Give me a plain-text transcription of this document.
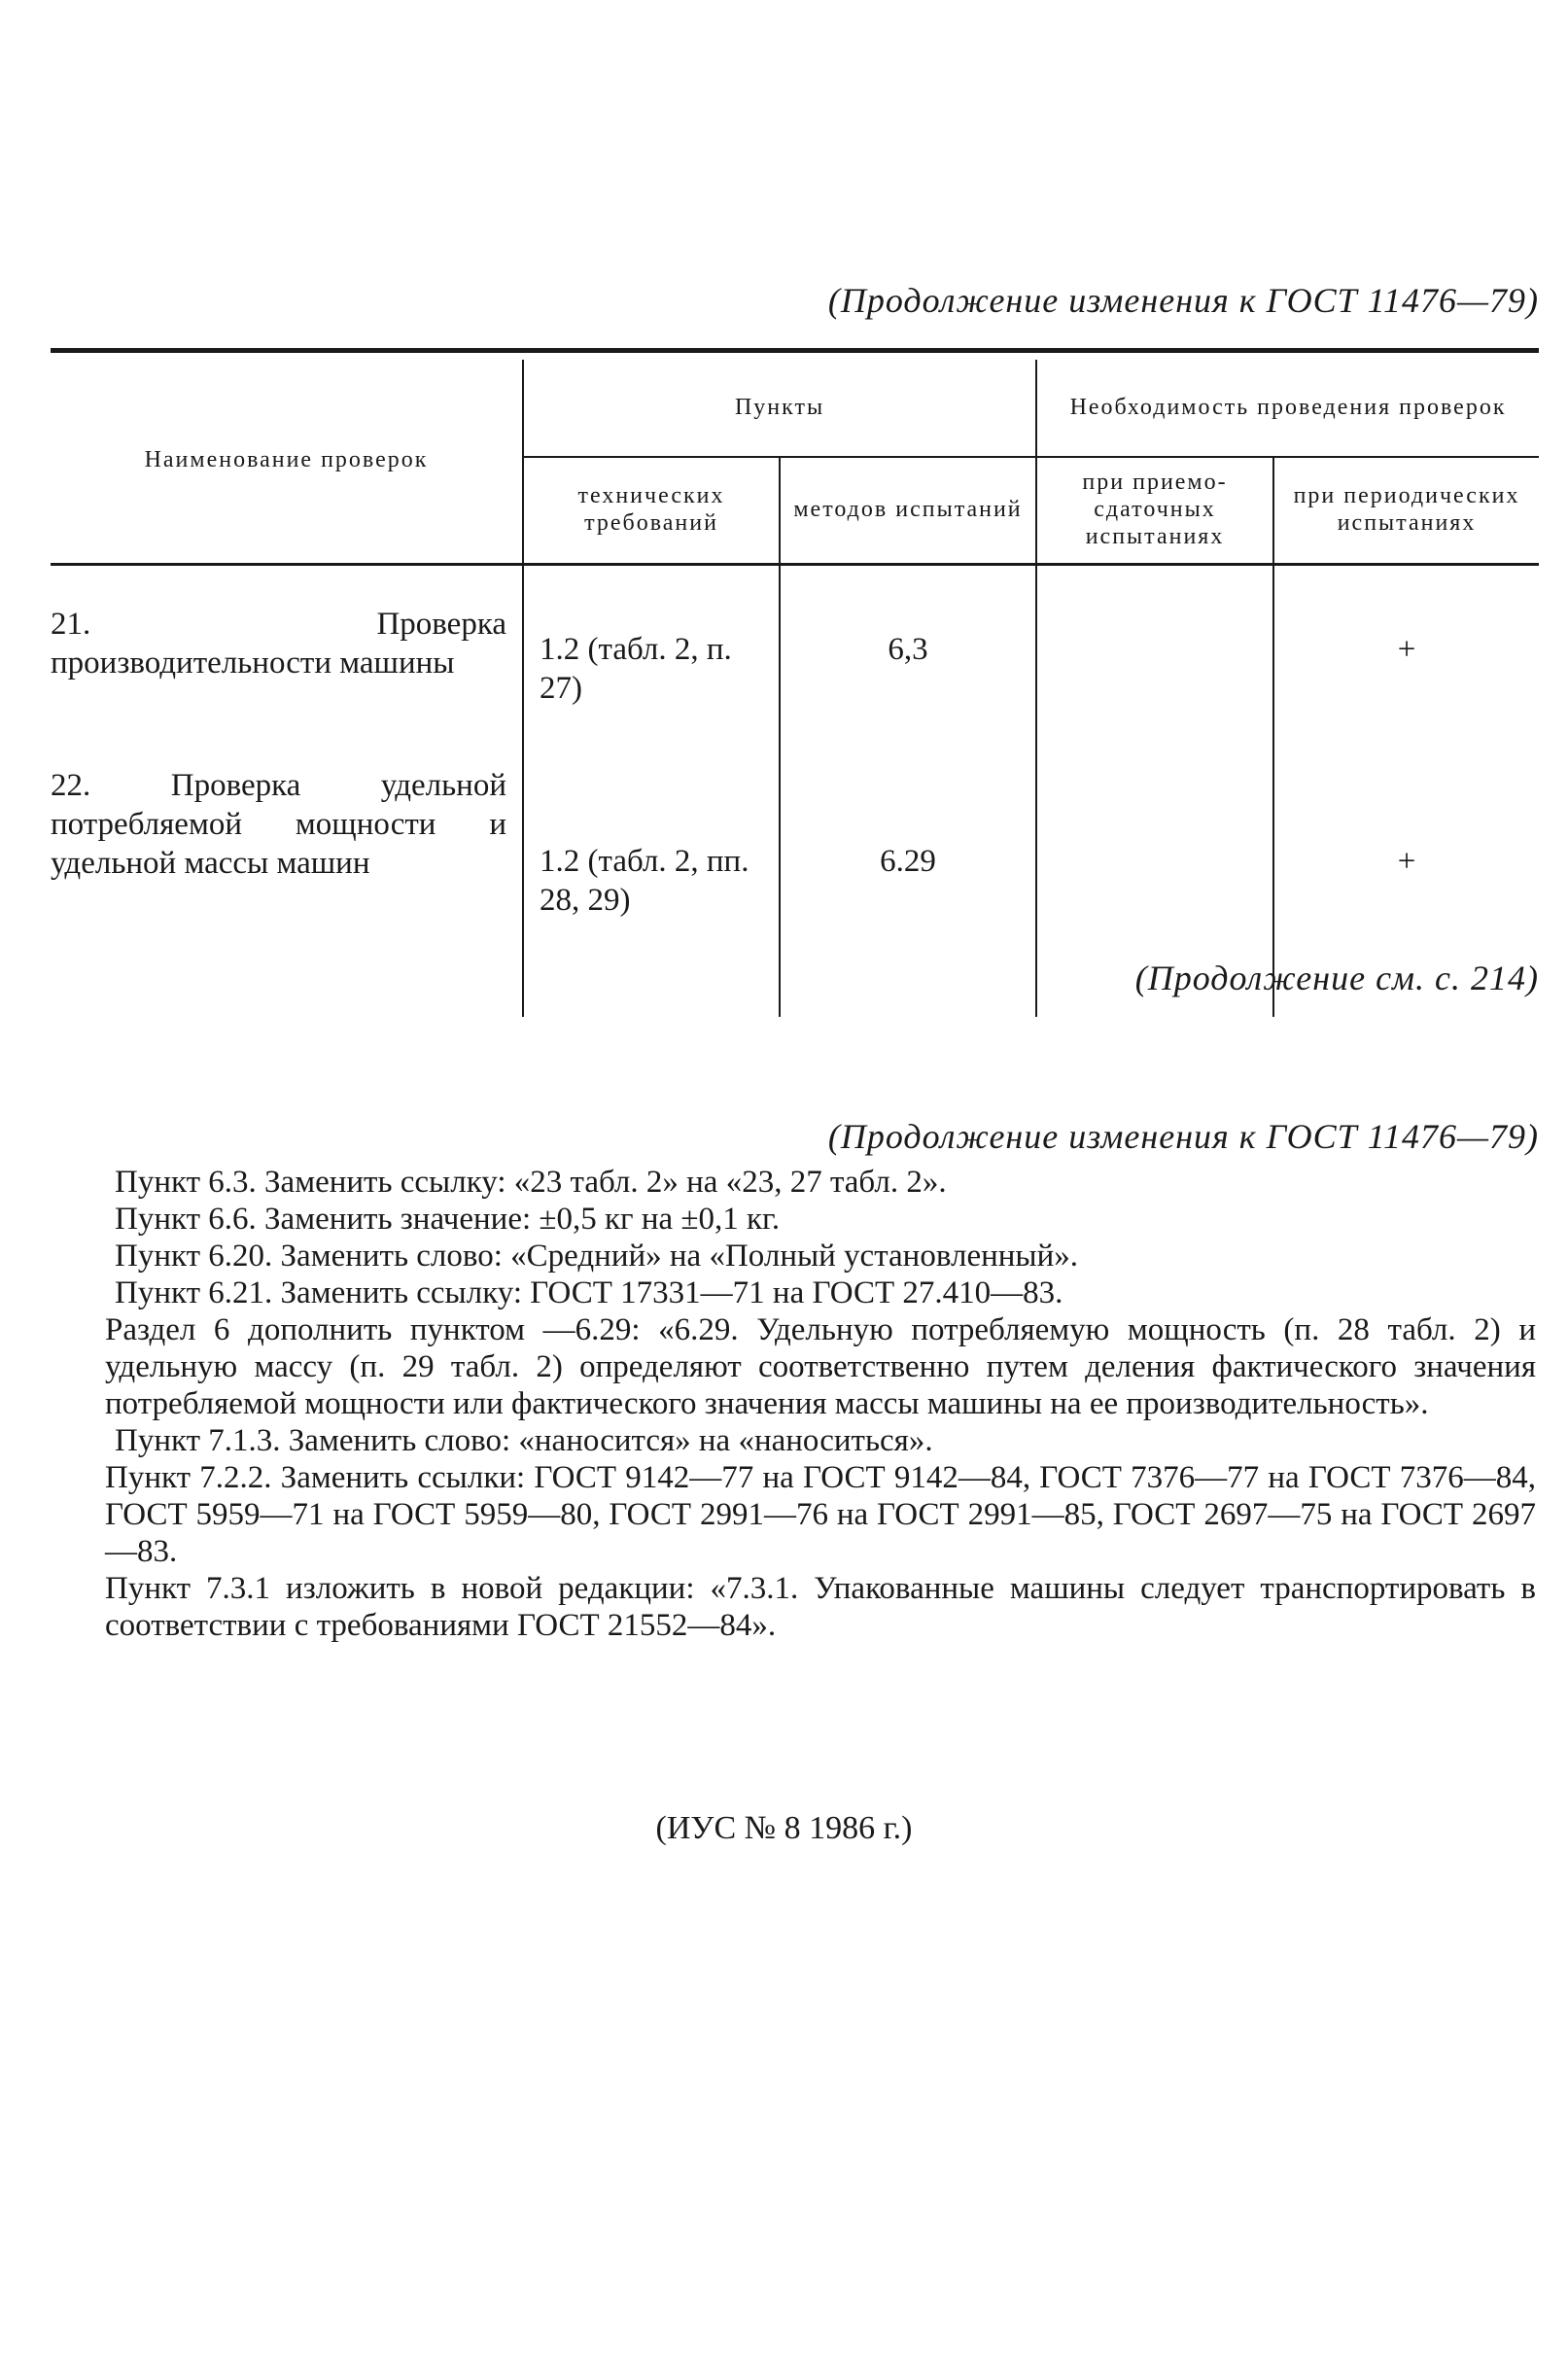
(Продолжение изменения к ГОСТ 11476—79)
Наименование проверок	Пункты		Необходимость проведения проверок	
	технических требований	методов испытаний	при приемо-сдаточных испытаниях	при периодических испытаниях
21. Проверка производительности машины	1.2 (табл. 2, п. 27)	6,3		+
22. Проверка удельной потребляемой мощности и удельной массы машин	1.2 (табл. 2, пп. 28, 29)	6.29		+
(Продолжение см. с. 214)
(Продолжение изменения к ГОСТ 11476—79)

Пункт 6.3. Заменить ссылку: «23 табл. 2» на «23, 27 табл. 2».

Пункт 6.6. Заменить значение: ±0,5 кг на ±0,1 кг.

Пункт 6.20. Заменить слово: «Средний» на «Полный установленный».

Пункт 6.21. Заменить ссылку: ГОСТ 17331—71 на ГОСТ 27.410—83.

Раздел 6 дополнить пунктом —6.29: «6.29. Удельную потребляемую мощность (п. 28 табл. 2) и удельную массу (п. 29 табл. 2) определяют соответственно путем деления фактического значения потребляемой мощности или фактического значения массы машины на ее производительность».

Пункт 7.1.3. Заменить слово: «наносится» на «наноситься».

Пункт 7.2.2. Заменить ссылки: ГОСТ 9142—77 на ГОСТ 9142—84, ГОСТ 7376—77 на ГОСТ 7376—84, ГОСТ 5959—71 на ГОСТ 5959—80, ГОСТ 2991—76 на ГОСТ 2991—85, ГОСТ 2697—75 на ГОСТ 2697—83.

Пункт 7.3.1 изложить в новой редакции: «7.3.1. Упакованные машины следует транспортировать в соответствии с требованиями ГОСТ 21552—84».

(ИУС № 8 1986 г.)
